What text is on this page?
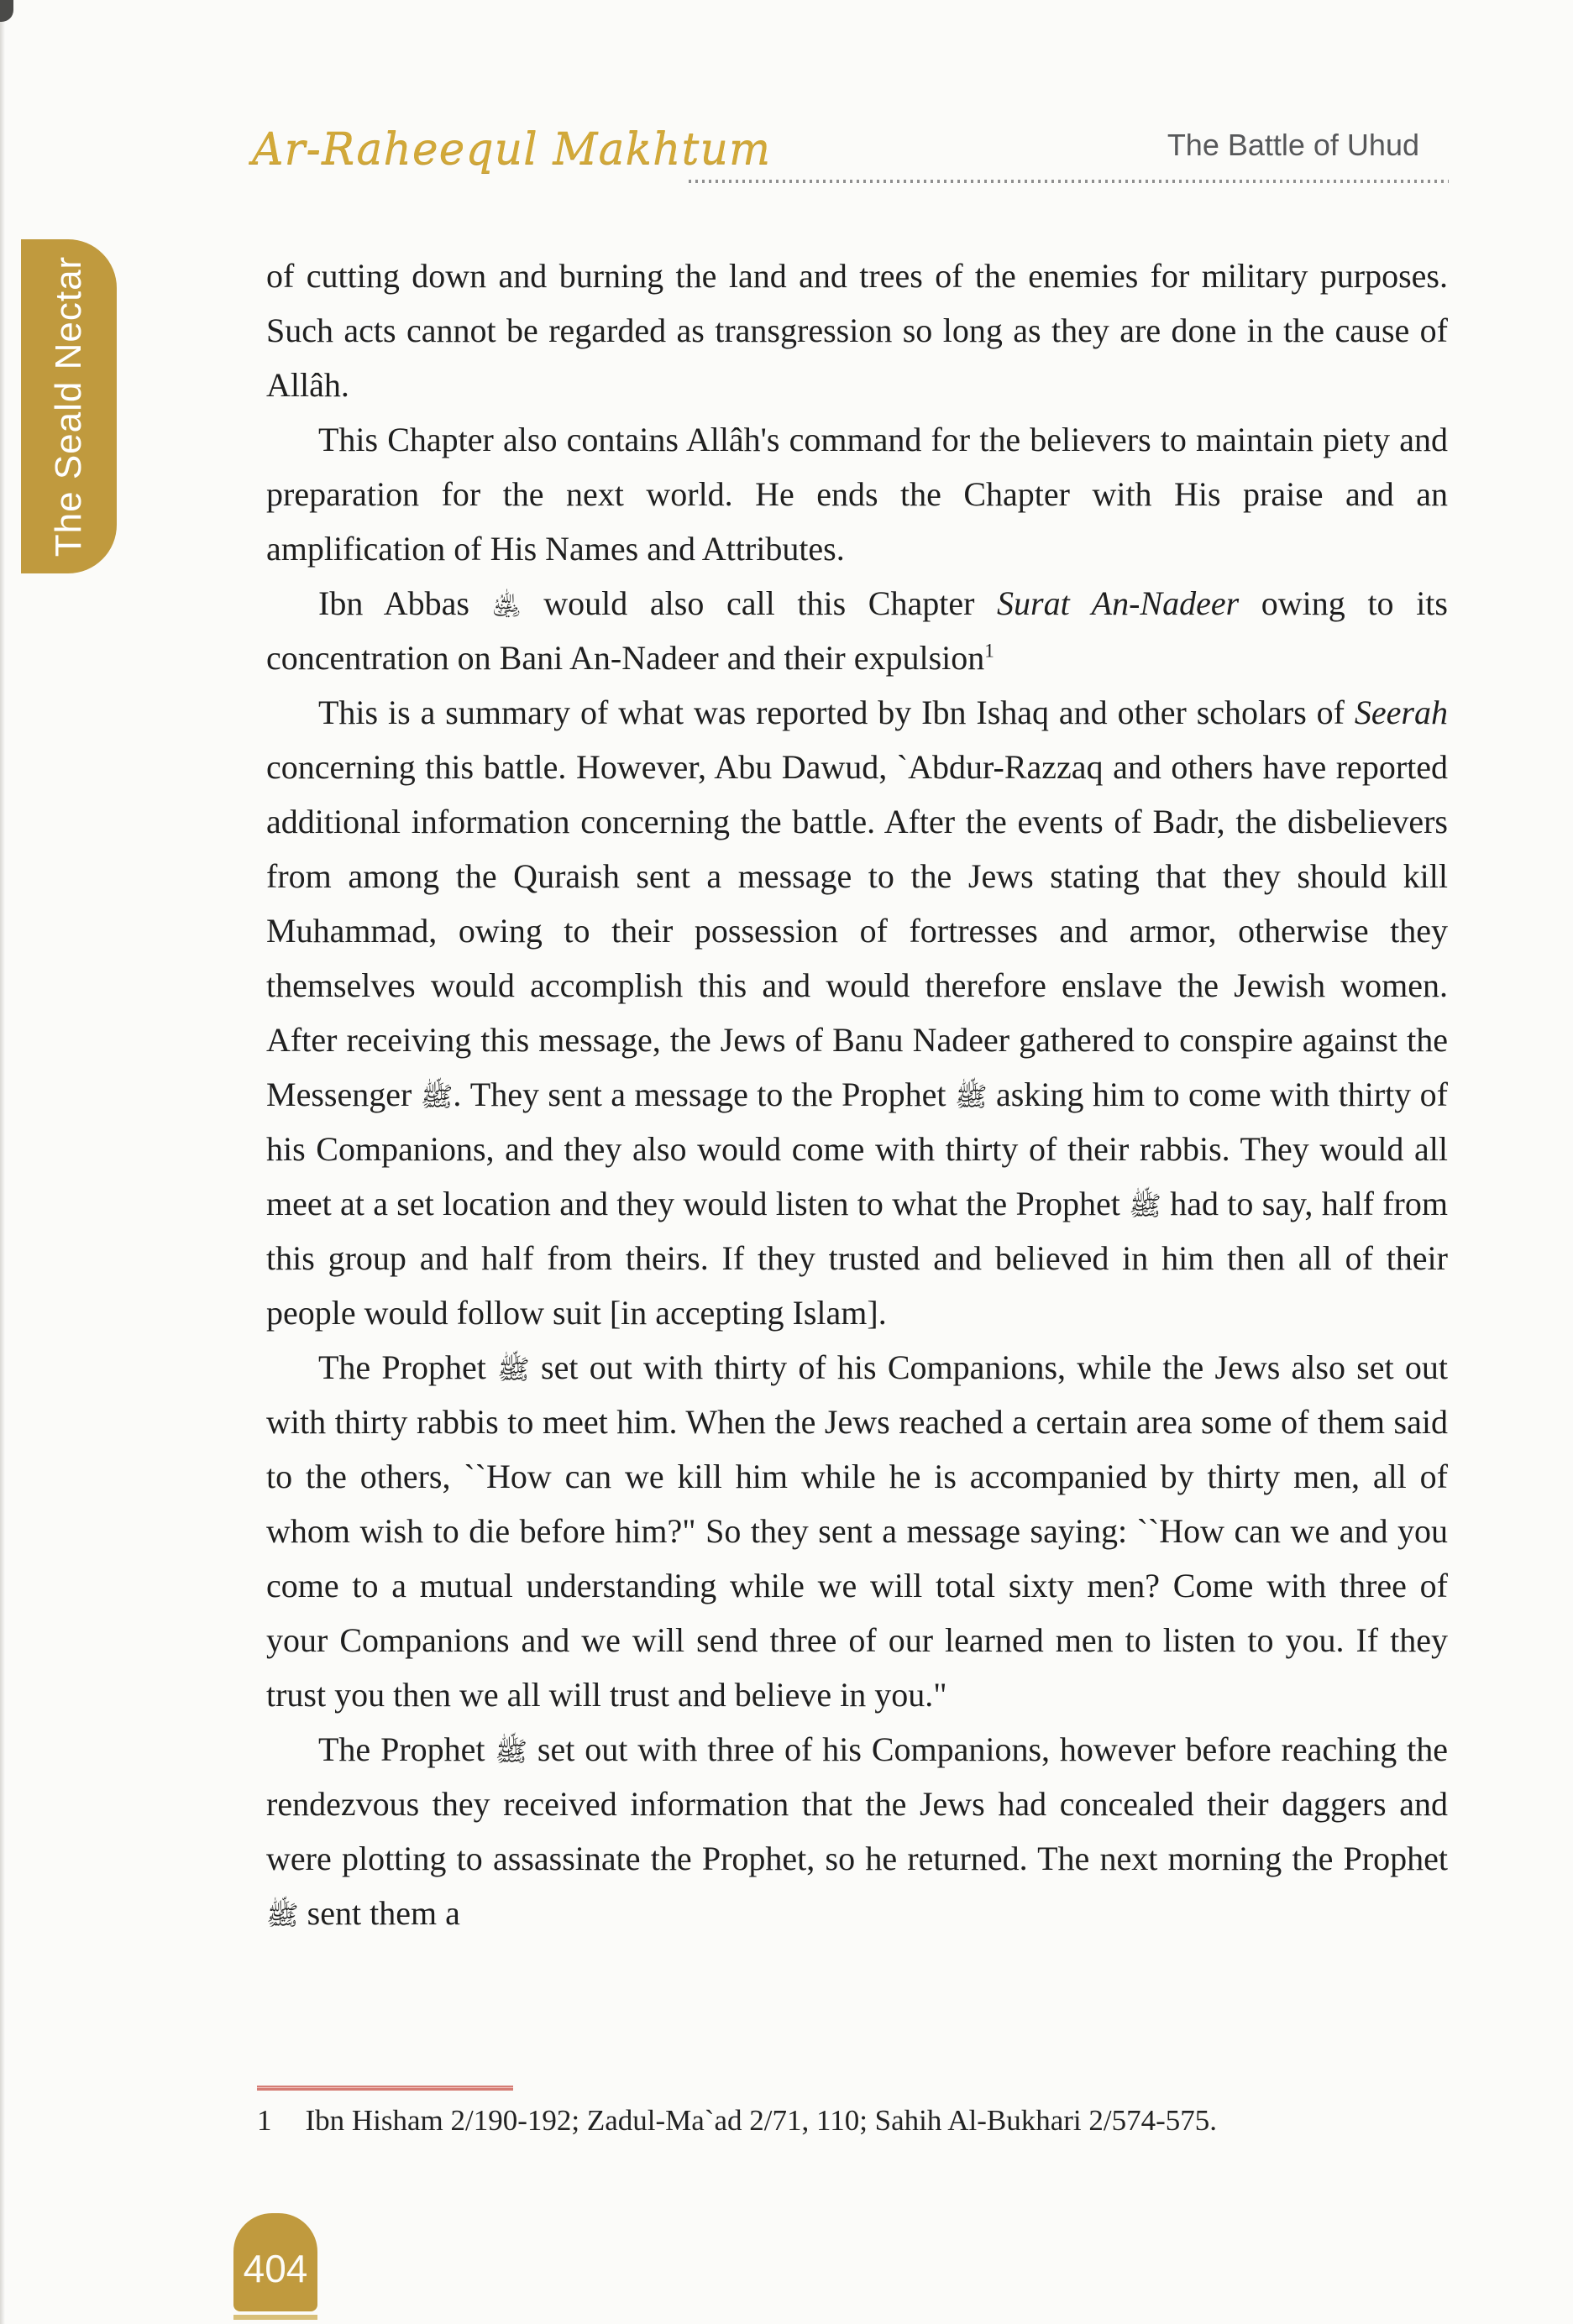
Ar-Raheequl Makhtum	The Battle of Uhud
The Seald Nectar	of cutting down and burning the land and trees of the enemies for military purposes. Such acts cannot be regarded as transgression so long as they are done in the cause of Allâh.

This Chapter also contains Allâh's command for the believers to maintain piety and preparation for the next world. He ends the Chapter with His praise and an amplification of His Names and Attributes.

Ibn Abbas ﵁ would also call this Chapter Surat An-Nadeer owing to its concentration on Bani An-Nadeer and their expulsion$^1$

This is a summary of what was reported by Ibn Ishaq and other scholars of Seerah concerning this battle. However, Abu Dawud, `Abdur-Razzaq and others have reported additional information concerning the battle. After the events of Badr, the disbelievers from among the Quraish sent a message to the Jews stating that they should kill Muhammad, owing to their possession of fortresses and armor, otherwise they themselves would accomplish this and would therefore enslave the Jewish women. After receiving this message, the Jews of Banu Nadeer gathered to conspire against the Messenger ﷺ. They sent a message to the Prophet ﷺ asking him to come with thirty of his Companions, and they also would come with thirty of their rabbis. They would all meet at a set location and they would listen to what the Prophet ﷺ had to say, half from this group and half from theirs. If they trusted and believed in him then all of their people would follow suit [in accepting Islam].

The Prophet ﷺ set out with thirty of his Companions, while the Jews also set out with thirty rabbis to meet him. When the Jews reached a certain area some of them said to the others, ``How can we kill him while he is accompanied by thirty men, all of whom wish to die before him?" So they sent a message saying: ``How can we and you come to a mutual understanding while we will total sixty men? Come with three of your Companions and we will send three of our learned men to listen to you. If they trust you then we all will trust and believe in you."

The Prophet ﷺ set out with three of his Companions, however before reaching the rendezvous they received information that the Jews had concealed their daggers and were plotting to assassinate the Prophet, so he returned. The next morning the Prophet ﷺ sent them a

1 Ibn Hisham 2/190-192; Zadul-Ma`ad 2/71, 110; Sahih Al-Bukhari 2/574-575.
404
